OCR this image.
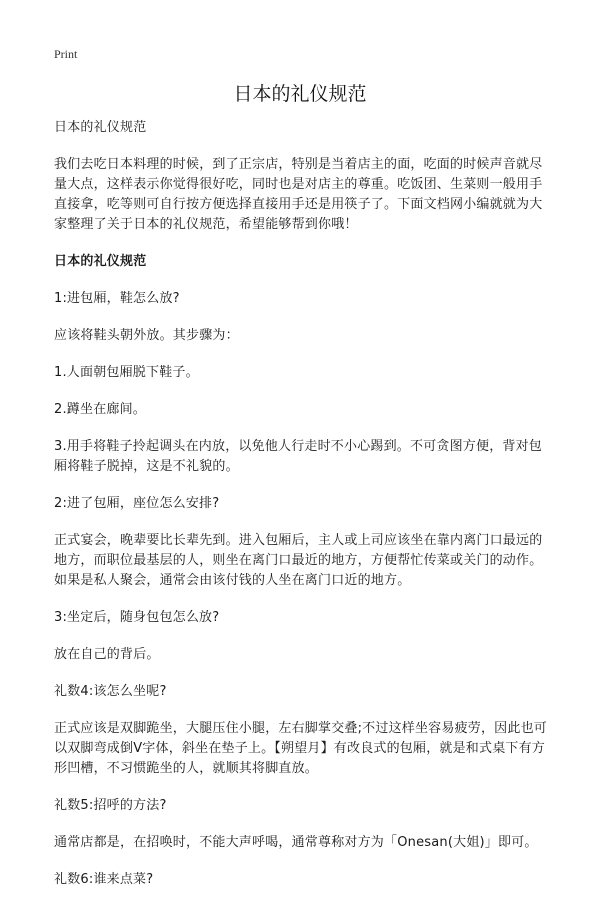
Print
日本的礼仪规范

日本的礼仪规范

我们去吃日本料理的时候，到了正宗店，特别是当着店主的面，吃面的时候声音就尽量大点，这样表示你觉得很好吃，同时也是对店主的尊重。吃饭团、生菜则一般用手直接拿，吃等则可自行按方便选择直接用手还是用筷子了。下面文档网小编就就为大家整理了关于日本的礼仪规范，希望能够帮到你哦！

日本的礼仪规范

1:进包厢，鞋怎么放?

应该将鞋头朝外放。其步骤为：

1.人面朝包厢脱下鞋子。

2.蹲坐在廊间。

3.用手将鞋子拎起调头在内放，以免他人行走时不小心踢到。不可贪图方便，背对包厢将鞋子脱掉，这是不礼貌的。

2:进了包厢，座位怎么安排?

正式宴会，晚辈要比长辈先到。进入包厢后，主人或上司应该坐在靠内离门口最远的地方，而职位最基层的人，则坐在离门口最近的地方，方便帮忙传菜或关门的动作。如果是私人聚会，通常会由该付钱的人坐在离门口近的地方。

3:坐定后，随身包包怎么放?

放在自己的背后。

礼数4:该怎么坐呢?

正式应该是双脚跪坐，大腿压住小腿，左右脚掌交叠;不过这样坐容易疲劳，因此也可以双脚弯成倒V字体，斜坐在垫子上。【朔望月】有改良式的包厢，就是和式桌下有方形凹槽，不习惯跪坐的人，就顺其将脚直放。

礼数5:招呼的方法?

通常店都是，在招唤时，不能大声呼喝，通常尊称对方为「Onesan(大姐)」即可。

礼数6:谁来点菜?
